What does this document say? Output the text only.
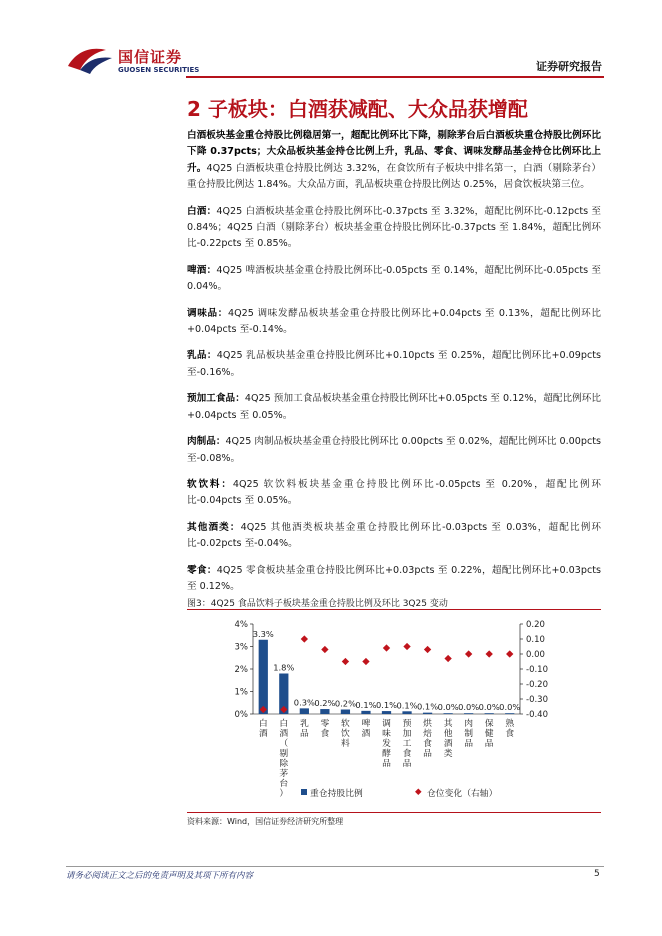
国信证券
GUOSEN SECURITIES	证券研究报告
2 子板块：白酒获减配、大众品获增配

白酒板块基金重仓持股比例稳居第一，超配比例环比下降，剔除茅台后白酒板块重仓持股比例环比下降 0.37pcts；大众品板块基金持仓比例上升，乳品、零食、调味发酵品基金持仓比例环比上升。4Q25 白酒板块重仓持股比例达 3.32%，在食饮所有子板块中排名第一，白酒（剔除茅台）重仓持股比例达 1.84%。大众品方面，乳品板块重仓持股比例达 0.25%，居食饮板块第三位。

白酒：4Q25 白酒板块基金重仓持股比例环比-0.37pcts 至 3.32%，超配比例环比-0.12pcts 至 0.84%；4Q25 白酒（剔除茅台）板块基金重仓持股比例环比-0.37pcts 至 1.84%，超配比例环比-0.22pcts 至 0.85%。

啤酒：4Q25 啤酒板块基金重仓持股比例环比-0.05pcts 至 0.14%，超配比例环比-0.05pcts 至 0.04%。

调味品：4Q25 调味发酵品板块基金重仓持股比例环比+0.04pcts 至 0.13%，超配比例环比+0.04pcts 至-0.14%。

乳品：4Q25 乳品板块基金重仓持股比例环比+0.10pcts 至 0.25%，超配比例环比+0.09pcts 至-0.16%。

预加工食品：4Q25 预加工食品板块基金重仓持股比例环比+0.05pcts 至 0.12%，超配比例环比+0.04pcts 至 0.05%。

肉制品：4Q25 肉制品板块基金重仓持股比例环比 0.00pcts 至 0.02%，超配比例环比 0.00pcts 至-0.08%。

软饮料：4Q25 软饮料板块基金重仓持股比例环比-0.05pcts 至 0.20%，超配比例环比-0.04pcts 至 0.05%。

其他酒类：4Q25 其他酒类板块基金重仓持股比例环比-0.03pcts 至 0.03%，超配比例环比-0.02pcts 至-0.04%。

零食：4Q25 零食板块基金重仓持股比例环比+0.03pcts 至 0.22%，超配比例环比+0.03pcts 至 0.12%。

图3：4Q25 食品饮料子板块基金重仓持股比例及环比 3Q25 变动
0%
1%
2%
3%
4%	0.20
0.10
0.00
-0.10
-0.20
-0.30
-0.40
3.3%
白酒
1.8%
白酒（剔除茅台）
0.3%
乳品
0.2%
零食
0.2%
软饮料
0.1%
啤酒
0.1%
调味发酵品
0.1%
预加工食品
0.1%
烘焙食品
0.0%
其他酒类
0.0%
肉制品
0.0%
保健品
0.0%
熟食
重仓持股比例	仓位变化（右轴）
资料来源：Wind，国信证券经济研究所整理
请务必阅读正文之后的免责声明及其项下所有内容	5
